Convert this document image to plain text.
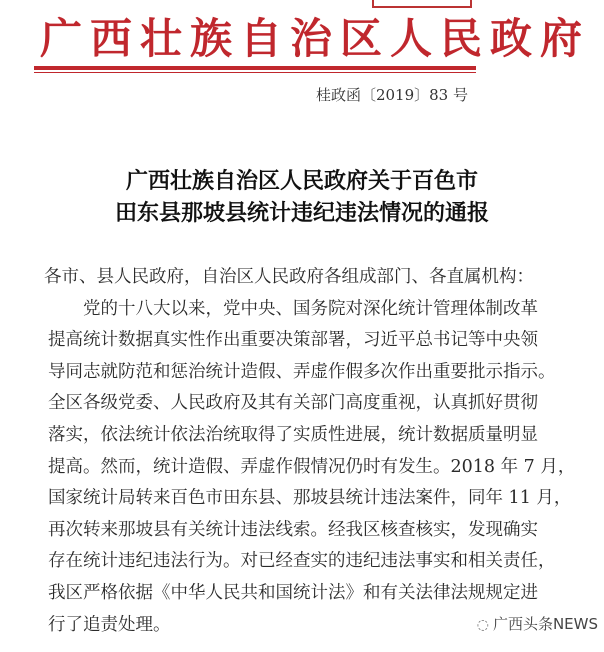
广西壮族自治区人民政府
桂政函〔2019〕83 号
广西壮族自治区人民政府关于百色市
田东县那坡县统计违纪违法情况的通报
各市、县人民政府，自治区人民政府各组成部门、各直属机构：
　　党的十八大以来，党中央、国务院对深化统计管理体制改革
提高统计数据真实性作出重要决策部署，习近平总书记等中央领
导同志就防范和惩治统计造假、弄虚作假多次作出重要批示指示。
全区各级党委、人民政府及其有关部门高度重视，认真抓好贯彻
落实，依法统计依法治统取得了实质性进展，统计数据质量明显
提高。然而，统计造假、弄虚作假情况仍时有发生。2018 年 7 月，
国家统计局转来百色市田东县、那坡县统计违法案件，同年 11 月，
再次转来那坡县有关统计违法线索。经我区核查核实，发现确实
存在统计违纪违法行为。对已经查实的违纪违法事实和相关责任，
我区严格依据《中华人民共和国统计法》和有关法律法规规定进
行了追责处理。	◌ 广西头条NEWS
